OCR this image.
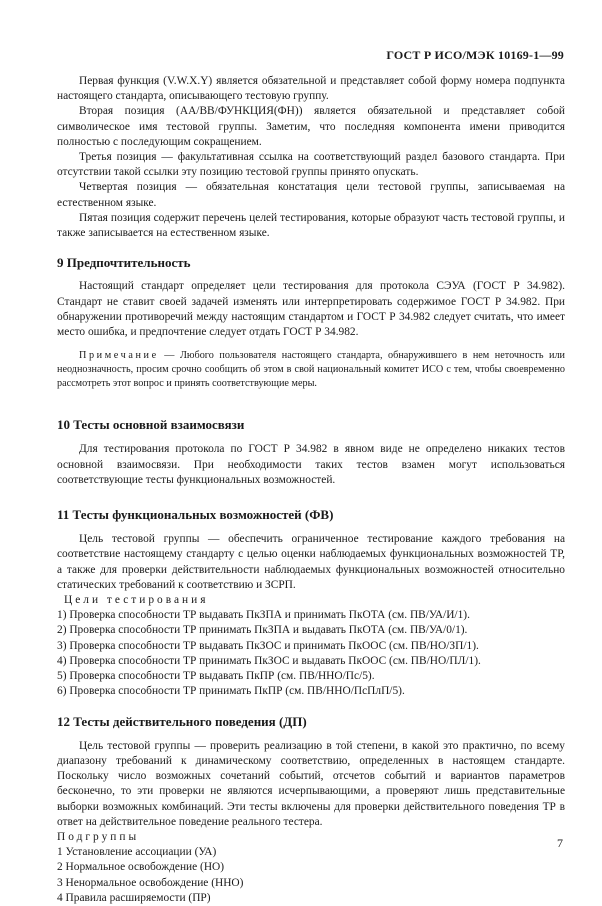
ГОСТ Р ИСО/МЭК 10169-1—99

Первая функция (V.W.X.Y) является обязательной и представляет собой форму номера подпункта настоящего стандарта, описывающего тестовую группу.

Вторая позиция (АА/ВВ/ФУНКЦИЯ(ФН)) является обязательной и представляет собой символическое имя тестовой группы. Заметим, что последняя компонента имени приводится полностью с последующим сокращением.

Третья позиция — факультативная ссылка на соответствующий раздел базового стандарта. При отсутствии такой ссылки эту позицию тестовой группы принято опускать.

Четвертая позиция — обязательная констатация цели тестовой группы, записываемая на естественном языке.

Пятая позиция содержит перечень целей тестирования, которые образуют часть тестовой группы, и также записывается на естественном языке.

9 Предпочтительность

Настоящий стандарт определяет цели тестирования для протокола СЭУА (ГОСТ Р 34.982). Стандарт не ставит своей задачей изменять или интерпретировать содержимое ГОСТ Р 34.982. При обнаружении противоречий между настоящим стандартом и ГОСТ Р 34.982 следует считать, что имеет место ошибка, и предпочтение следует отдать ГОСТ Р 34.982.

Примечание — Любого пользователя настоящего стандарта, обнаружившего в нем неточность или неоднозначность, просим срочно сообщить об этом в свой национальный комитет ИСО с тем, чтобы своевременно рассмотреть этот вопрос и принять соответствующие меры.

10 Тесты основной взаимосвязи

Для тестирования протокола по ГОСТ Р 34.982 в явном виде не определено никаких тестов основной взаимосвязи. При необходимости таких тестов взамен могут использоваться соответствующие тесты функциональных возможностей.

11 Тесты функциональных возможностей (ФВ)

Цель тестовой группы — обеспечить ограниченное тестирование каждого требования на соответствие настоящему стандарту с целью оценки наблюдаемых функциональных возможностей ТР, а также для проверки действительности наблюдаемых функциональных возможностей относительно статических требований к соответствию и ЗСРП.

Цели тестирования
1) Проверка способности ТР выдавать ПкЗПА и принимать ПкОТА (см. ПВ/УА/И/1).
2) Проверка способности ТР принимать ПкЗПА и выдавать ПкОТА (см. ПВ/УА/0/1).
3) Проверка способности ТР выдавать ПкЗОС и принимать ПкООС (см. ПВ/НО/ЗП/1).
4) Проверка способности ТР принимать ПкЗОС и выдавать ПкООС (см. ПВ/НО/ПЛ/1).
5) Проверка способности ТР выдавать ПкПР (см. ПВ/ННО/Пс/5).
6) Проверка способности ТР принимать ПкПР (см. ПВ/ННО/ПсПлП/5).
12 Тесты действительного поведения (ДП)

Цель тестовой группы — проверить реализацию в той степени, в какой это практично, по всему диапазону требований к динамическому соответствию, определенных в настоящем стандарте. Поскольку число возможных сочетаний событий, отсчетов событий и вариантов параметров бесконечно, то эти проверки не являются исчерпывающими, а проверяют лишь представительные выборки возможных комбинаций. Эти тесты включены для проверки действительного поведения ТР в ответ на действительное поведение реального тестера.

Подгруппы
1 Установление ассоциации (УА)
2 Нормальное освобождение (НО)
3 Ненормальное освобождение (ННО)
4 Правила расширяемости (ПР)
7
